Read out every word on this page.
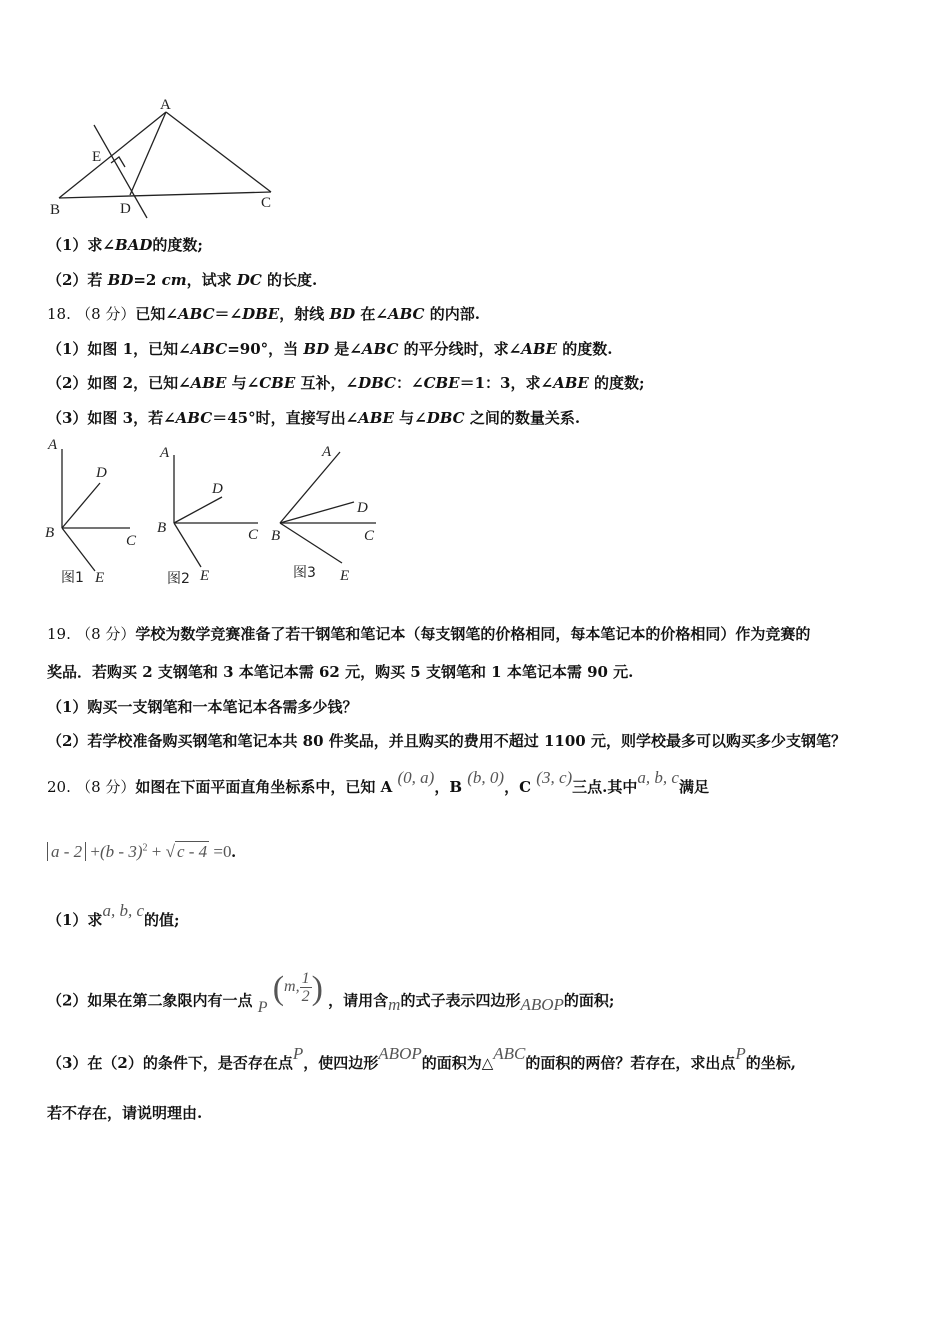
A
E
B	D	C
（1）求∠BAD的度数;
（2）若 BD=2 cm，试求 DC 的长度.
18. （8 分）已知∠ABC＝∠DBE，射线 BD 在∠ABC 的内部.
（1）如图 1，已知∠ABC=90°，当 BD 是∠ABC 的平分线时，求∠ABE 的度数.
（2）如图 2，已知∠ABE 与∠CBE 互补，∠DBC：∠CBE＝1：3，求∠ABE 的度数;
（3）如图 3，若∠ABC＝45°时，直接写出∠ABE 与∠DBC 之间的数量关系.
A
D
B	C
E
图1
A
D
B	C
E
图2
A
D
B	C
E
图3
19. （8 分）学校为数学竞赛准备了若干钢笔和笔记本（每支钢笔的价格相同，每本笔记本的价格相同）作为竞赛的
奖品．若购买 2 支钢笔和 3 本笔记本需 62 元，购买 5 支钢笔和 1 本笔记本需 90 元.
（1）购买一支钢笔和一本笔记本各需多少钱？
（2）若学校准备购买钢笔和笔记本共 80 件奖品，并且购买的费用不超过 1100 元，则学校最多可以购买多少支钢笔？
20. （8 分）如图在下面平面直角坐标系中，已知 A (0, a)，B (b, 0)，C (3, c)三点.其中a, b, c满足
a - 2 +(b - 3)$^2$ + √ c - 4 =0.
（1）求a, b, c的值;
（2）如果在第二象限内有一点 P (m, $\frac{1}{2}$ ) ，请用含m的式子表示四边形ABOP的面积;
（3）在（2）的条件下，是否存在点P，使四边形ABOP的面积为△ABC的面积的两倍？若存在，求出点P的坐标,
若不存在，请说明理由.
